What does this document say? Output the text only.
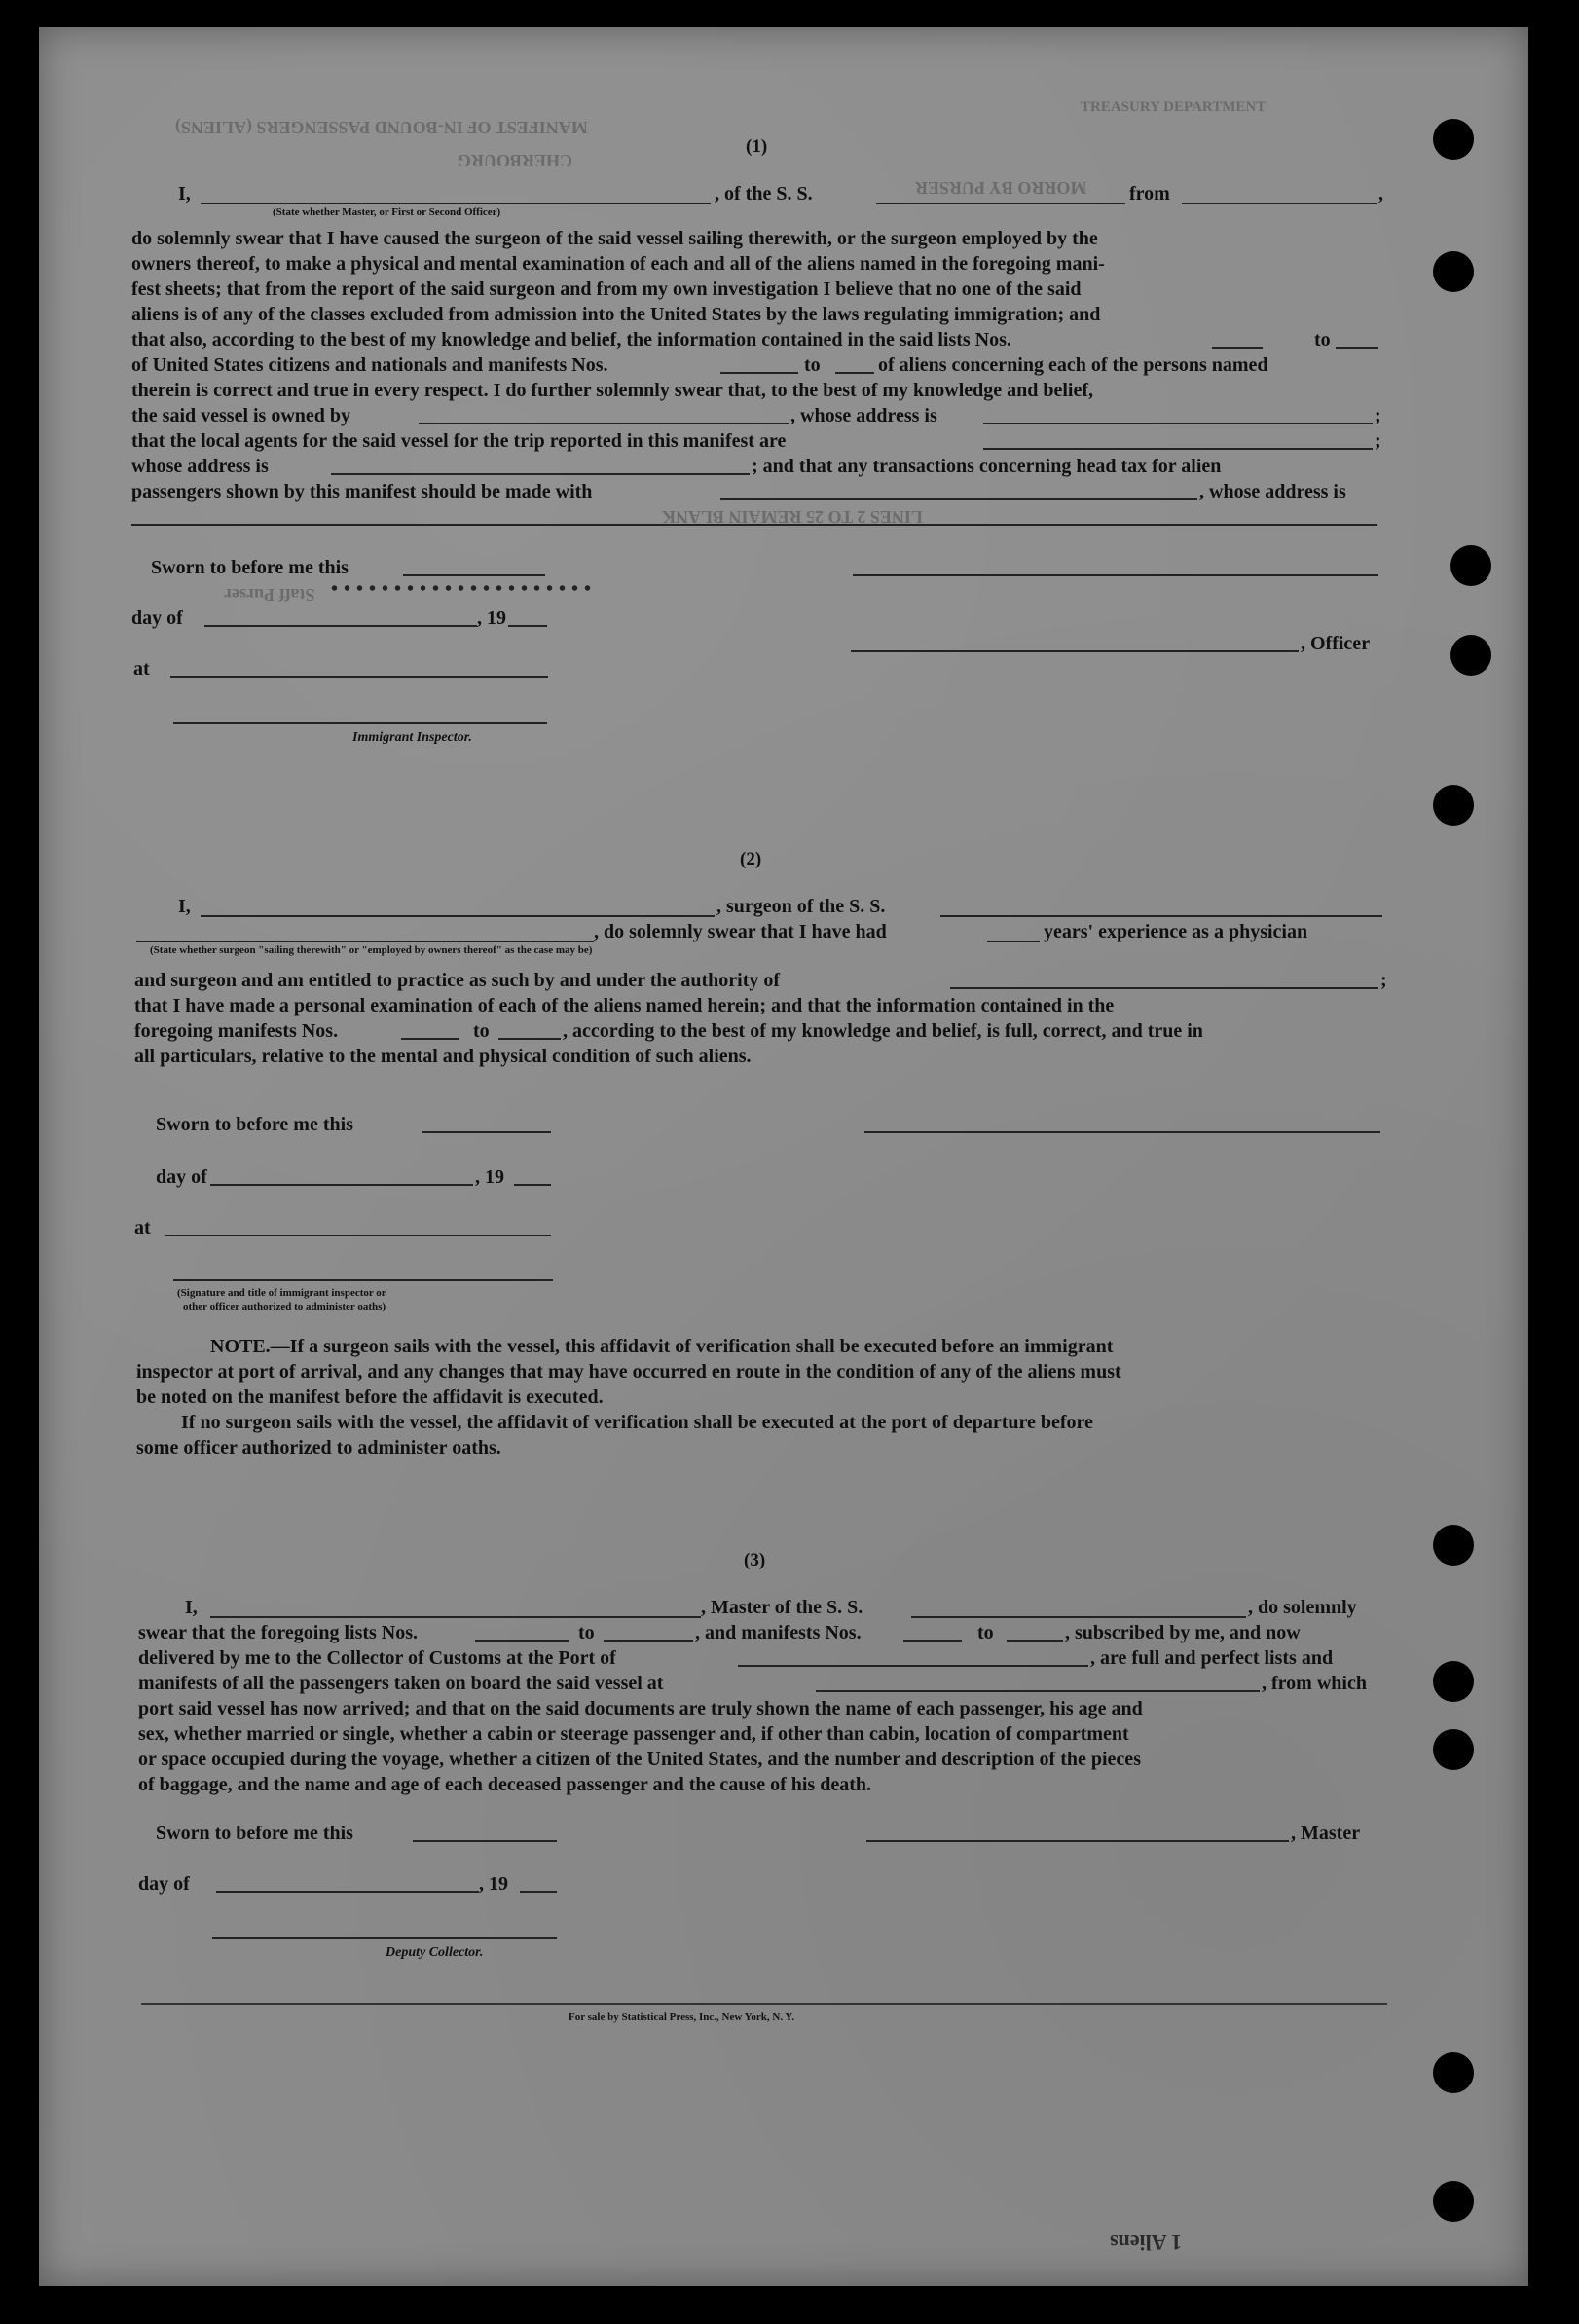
TREASURY DEPARTMENT
MANIFEST OF IN-BOUND PASSENGERS (ALIENS)
CHERBOURG
MORRO BY PURSER
LINES 2 TO 25 REMAIN BLANK
Staff Purser
1 Aliens
(1)
I,	, of the S. S.	from	,
(State whether Master, or First or Second Officer)
do solemnly swear that I have caused the surgeon of the said vessel sailing therewith, or the surgeon employed by the
owners thereof, to make a physical and mental examination of each and all of the aliens named in the foregoing mani-
fest sheets; that from the report of the said surgeon and from my own investigation I believe that no one of the said
aliens is of any of the classes excluded from admission into the United States by the laws regulating immigration; and
that also, according to the best of my knowledge and belief, the information contained in the said lists Nos.	to
of United States citizens and nationals and manifests Nos.	to	of aliens concerning each of the persons named
therein is correct and true in every respect. I do further solemnly swear that, to the best of my knowledge and belief,
the said vessel is owned by	, whose address is	;
that the local agents for the said vessel for the trip reported in this manifest are	;
whose address is	; and that any transactions concerning head tax for alien
passengers shown by this manifest should be made with	, whose address is
Sworn to before me this
•••••••••••••••••••••
day of	, 19
, Officer
at
Immigrant Inspector.
(2)
I,	, surgeon of the S. S.
, do solemnly swear that I have had	years' experience as a physician
(State whether surgeon "sailing therewith" or "employed by owners thereof" as the case may be)
and surgeon and am entitled to practice as such by and under the authority of	;
that I have made a personal examination of each of the aliens named herein; and that the information contained in the
foregoing manifests Nos.	to	, according to the best of my knowledge and belief, is full, correct, and true in
all particulars, relative to the mental and physical condition of such aliens.
Sworn to before me this
day of	, 19
at
(Signature and title of immigrant inspector or
other officer authorized to administer oaths)
NOTE.—If a surgeon sails with the vessel, this affidavit of verification shall be executed before an immigrant
inspector at port of arrival, and any changes that may have occurred en route in the condition of any of the aliens must
be noted on the manifest before the affidavit is executed.
If no surgeon sails with the vessel, the affidavit of verification shall be executed at the port of departure before
some officer authorized to administer oaths.
(3)
I,	, Master of the S. S.	, do solemnly
swear that the foregoing lists Nos.	to	, and manifests Nos.	to	, subscribed by me, and now
delivered by me to the Collector of Customs at the Port of	, are full and perfect lists and
manifests of all the passengers taken on board the said vessel at	, from which
port said vessel has now arrived; and that on the said documents are truly shown the name of each passenger, his age and
sex, whether married or single, whether a cabin or steerage passenger and, if other than cabin, location of compartment
or space occupied during the voyage, whether a citizen of the United States, and the number and description of the pieces
of baggage, and the name and age of each deceased passenger and the cause of his death.
Sworn to before me this	, Master
day of	, 19
Deputy Collector.
For sale by Statistical Press, Inc., New York, N. Y.
